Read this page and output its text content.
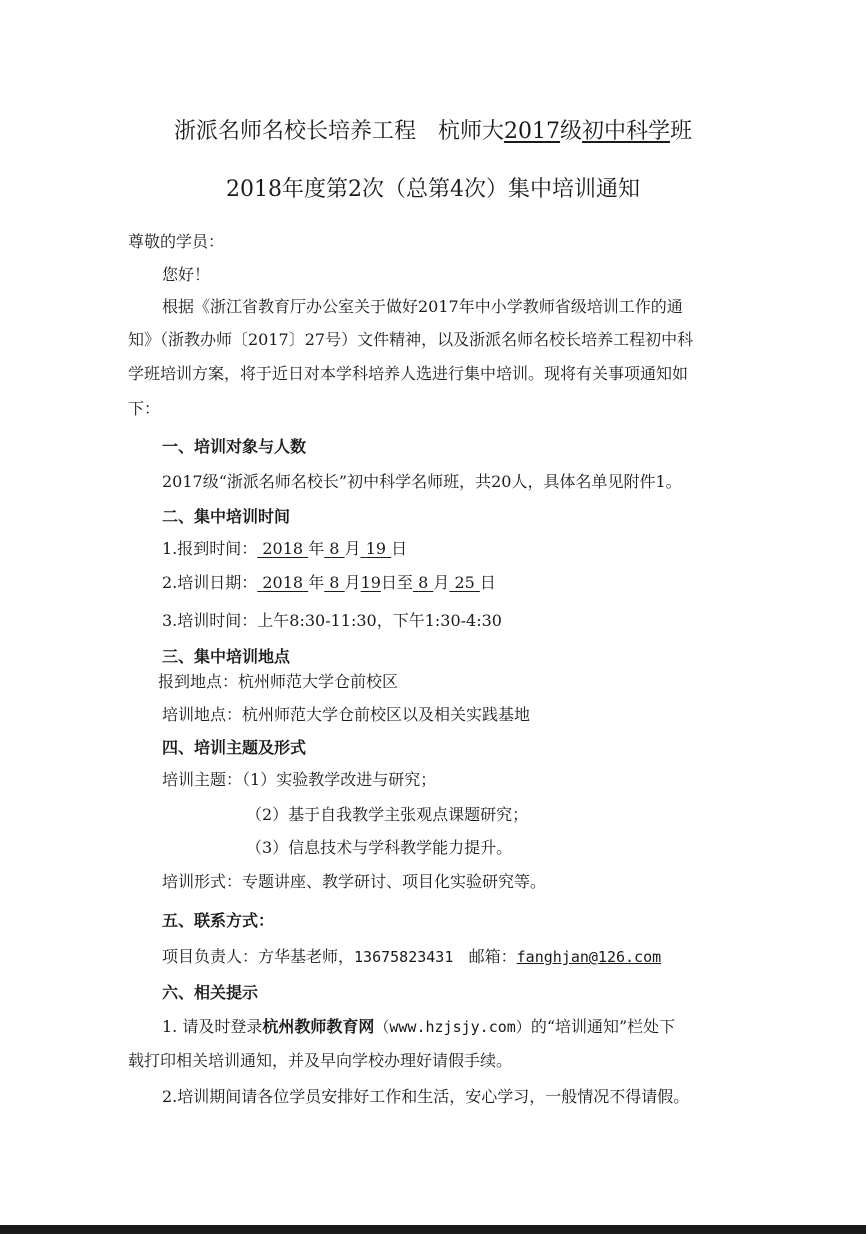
浙派名师名校长培养工程　 杭师大2017级初中科学班
2018年度第2次（总第4次）集中培训通知
尊敬的学员：
您好！
根据《浙江省教育厅办公室关于做好2017年中小学教师省级培训工作的通
知》（浙教办师〔2017〕27号）文件精神，以及浙派名师名校长培养工程初中科
学班培训方案，将于近日对本学科培养人选进行集中培训。现将有关事项通知如
下：
一、培训对象与人数
2017级“浙派名师名校长”初中科学名师班，共20人，具体名单见附件1。
二、集中培训时间
1.报到时间： 2018 年 8 月 19 日
2.培训日期： 2018 年 8 月19日至 8 月 25 日
3.培训时间：上午8:30-11:30，下午1:30-4:30
三、集中培训地点
报到地点：杭州师范大学仓前校区
培训地点：杭州师范大学仓前校区以及相关实践基地
四、培训主题及形式
培训主题：（1）实验教学改进与研究；
（2）基于自我教学主张观点课题研究；
（3）信息技术与学科教学能力提升。
培训形式：专题讲座、教学研讨、项目化实验研究等。
五、联系方式：
项目负责人：方华基老师，13675823431 邮箱：fanghjan@126.com
六、相关提示
1. 请及时登录杭州教师教育网（www.hzjsjy.com）的“培训通知”栏处下
载打印相关培训通知，并及早向学校办理好请假手续。
2.培训期间请各位学员安排好工作和生活，安心学习，一般情况不得请假。
